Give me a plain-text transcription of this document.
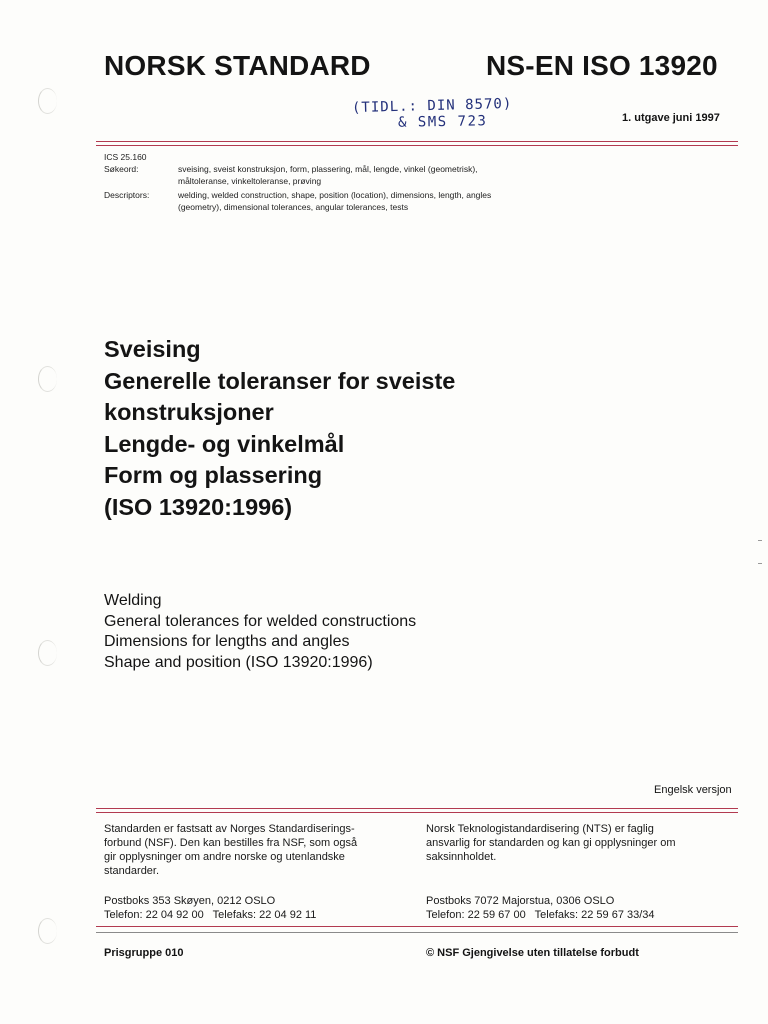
NORSK STANDARD	NS-EN ISO 13920
(TIDL.: DIN 8570)
& SMS 723	1. utgave juni 1997
ICS 25.160
Søkeord:	sveising, sveist konstruksjon, form, plassering, mål, lengde, vinkel (geometrisk),
måltoleranse, vinkeltoleranse, prøving
Descriptors:	welding, welded construction, shape, position (location), dimensions, length, angles
(geometry), dimensional tolerances, angular tolerances, tests
Sveising
Generelle toleranser for sveiste
konstruksjoner
Lengde- og vinkelmål
Form og plassering
(ISO 13920:1996)
Welding
General tolerances for welded constructions
Dimensions for lengths and angles
Shape and position (ISO 13920:1996)
Engelsk versjon
Standarden er fastsatt av Norges Standardiserings-
forbund (NSF). Den kan bestilles fra NSF, som også
gir opplysninger om andre norske og utenlandske
standarder.
Postboks 353 Skøyen, 0212 OSLO
Telefon: 22 04 92 00   Telefaks: 22 04 92 11
Norsk Teknologistandardisering (NTS) er faglig
ansvarlig for standarden og kan gi opplysninger om
saksinnholdet.
Postboks 7072 Majorstua, 0306 OSLO
Telefon: 22 59 67 00   Telefaks: 22 59 67 33/34
Prisgruppe 010	© NSF Gjengivelse uten tillatelse forbudt
